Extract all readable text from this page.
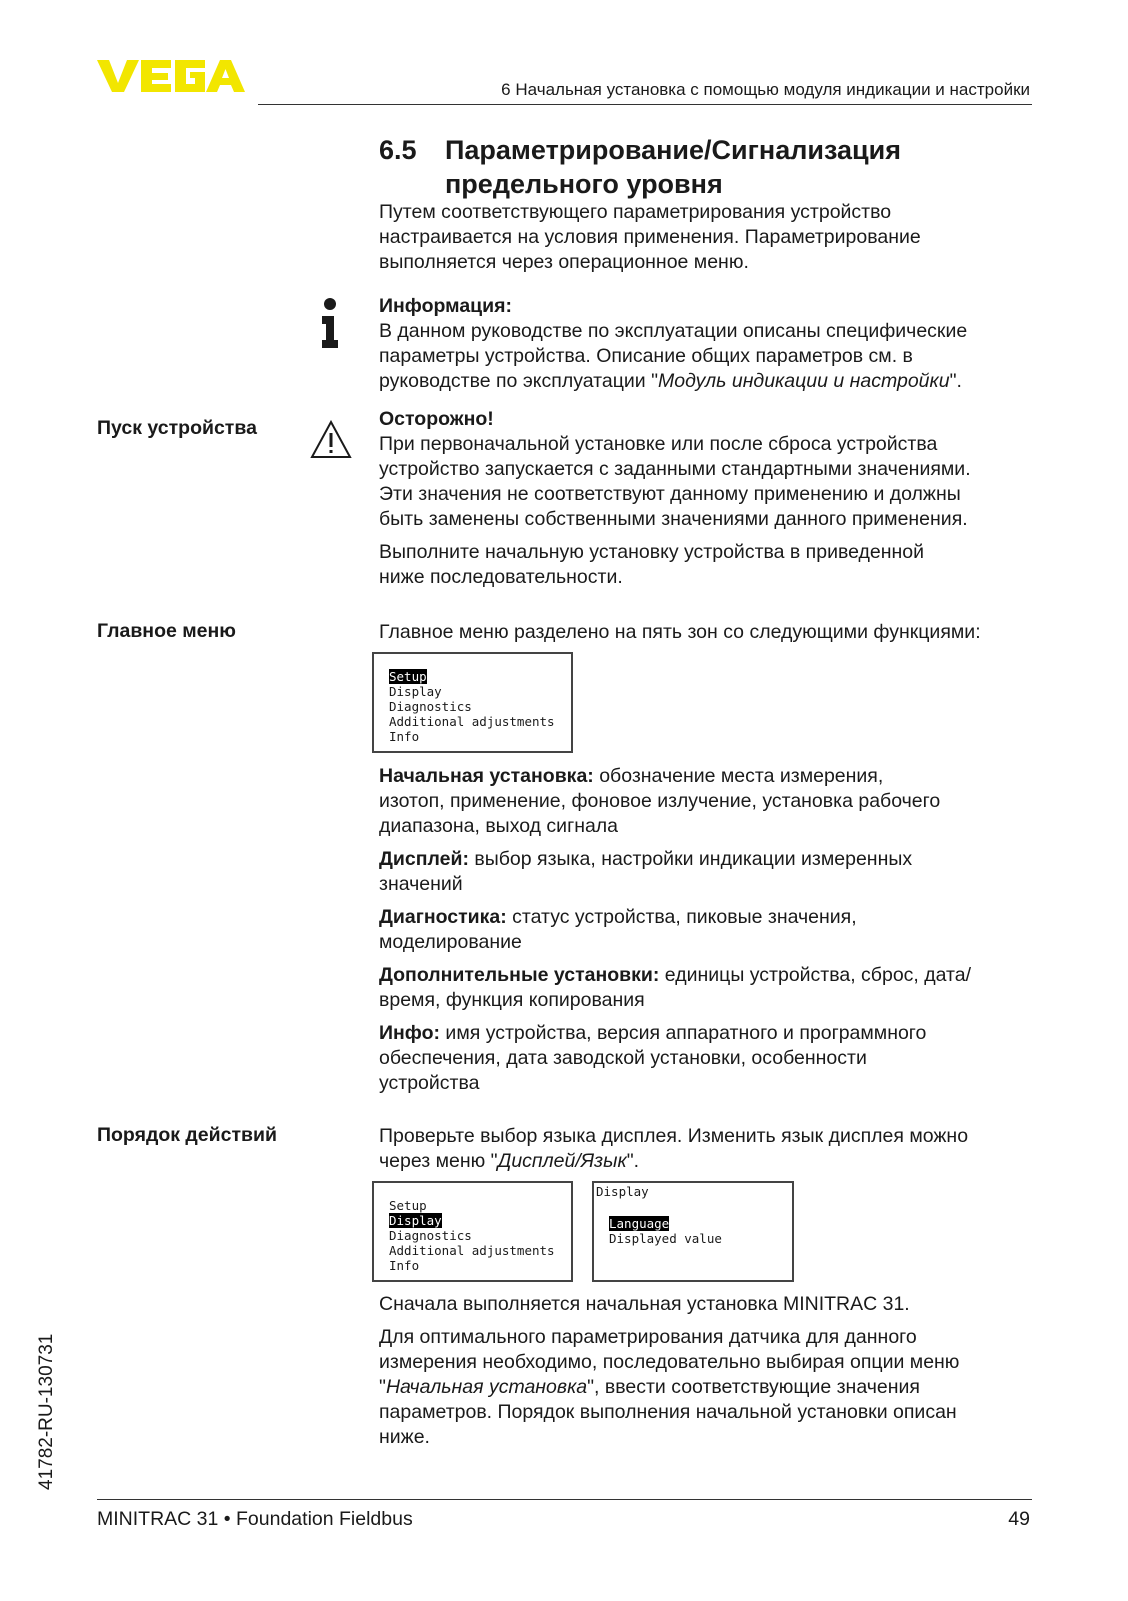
6 Начальная установка с помощью модуля индикации и настройки
6.5 Параметрирование/Сигнализация
предельного уровня

Путем соответствующего параметрирования устройство

настраивается на условия применения. Параметрирование

выполняется через операционное меню.

Информация:

В данном руководстве по эксплуатации описаны специфические

параметры устройства. Описание общих параметров см. в

руководстве по эксплуатации "Модуль индикации и настройки".

Пуск устройства	Осторожно!

При первоначальной установке или после сброса устройства

устройство запускается с заданными стандартными значениями.

Эти значения не соответствуют данному применению и должны

быть заменены собственными значениями данного применения.

Выполните начальную установку устройства в приведенной

ниже последовательности.

Главное меню	Главное меню разделено на пять зон со следующими функциями:
Setup
Display
Diagnostics
Additional adjustments
Info

Начальная установка: обозначение места измерения,

изотоп, применение, фоновое излучение, установка рабочего

диапазона, выход сигнала

Дисплей: выбор языка, настройки индикации измеренных

значений

Диагностика: статус устройства, пиковые значения,

моделирование

Дополнительные установки: единицы устройства, сброс, дата/

время, функция копирования

Инфо: имя устройства, версия аппаратного и программного

обеспечения, дата заводской установки, особенности

устройства

Порядок действий	Проверьте выбор языка дисплея. Изменить язык дисплея можно

через меню "Дисплей/Язык".

Setup
Display
Diagnostics
Additional adjustments
Info
Display
Language
Displayed value

Сначала выполняется начальная установка MINITRAC 31.

Для оптимального параметрирования датчика для данного

измерения необходимо, последовательно выбирая опции меню

"Начальная установка", ввести соответствующие значения

параметров. Порядок выполнения начальной установки описан

ниже.

41782-RU-130731
MINITRAC 31 • Foundation Fieldbus	49
